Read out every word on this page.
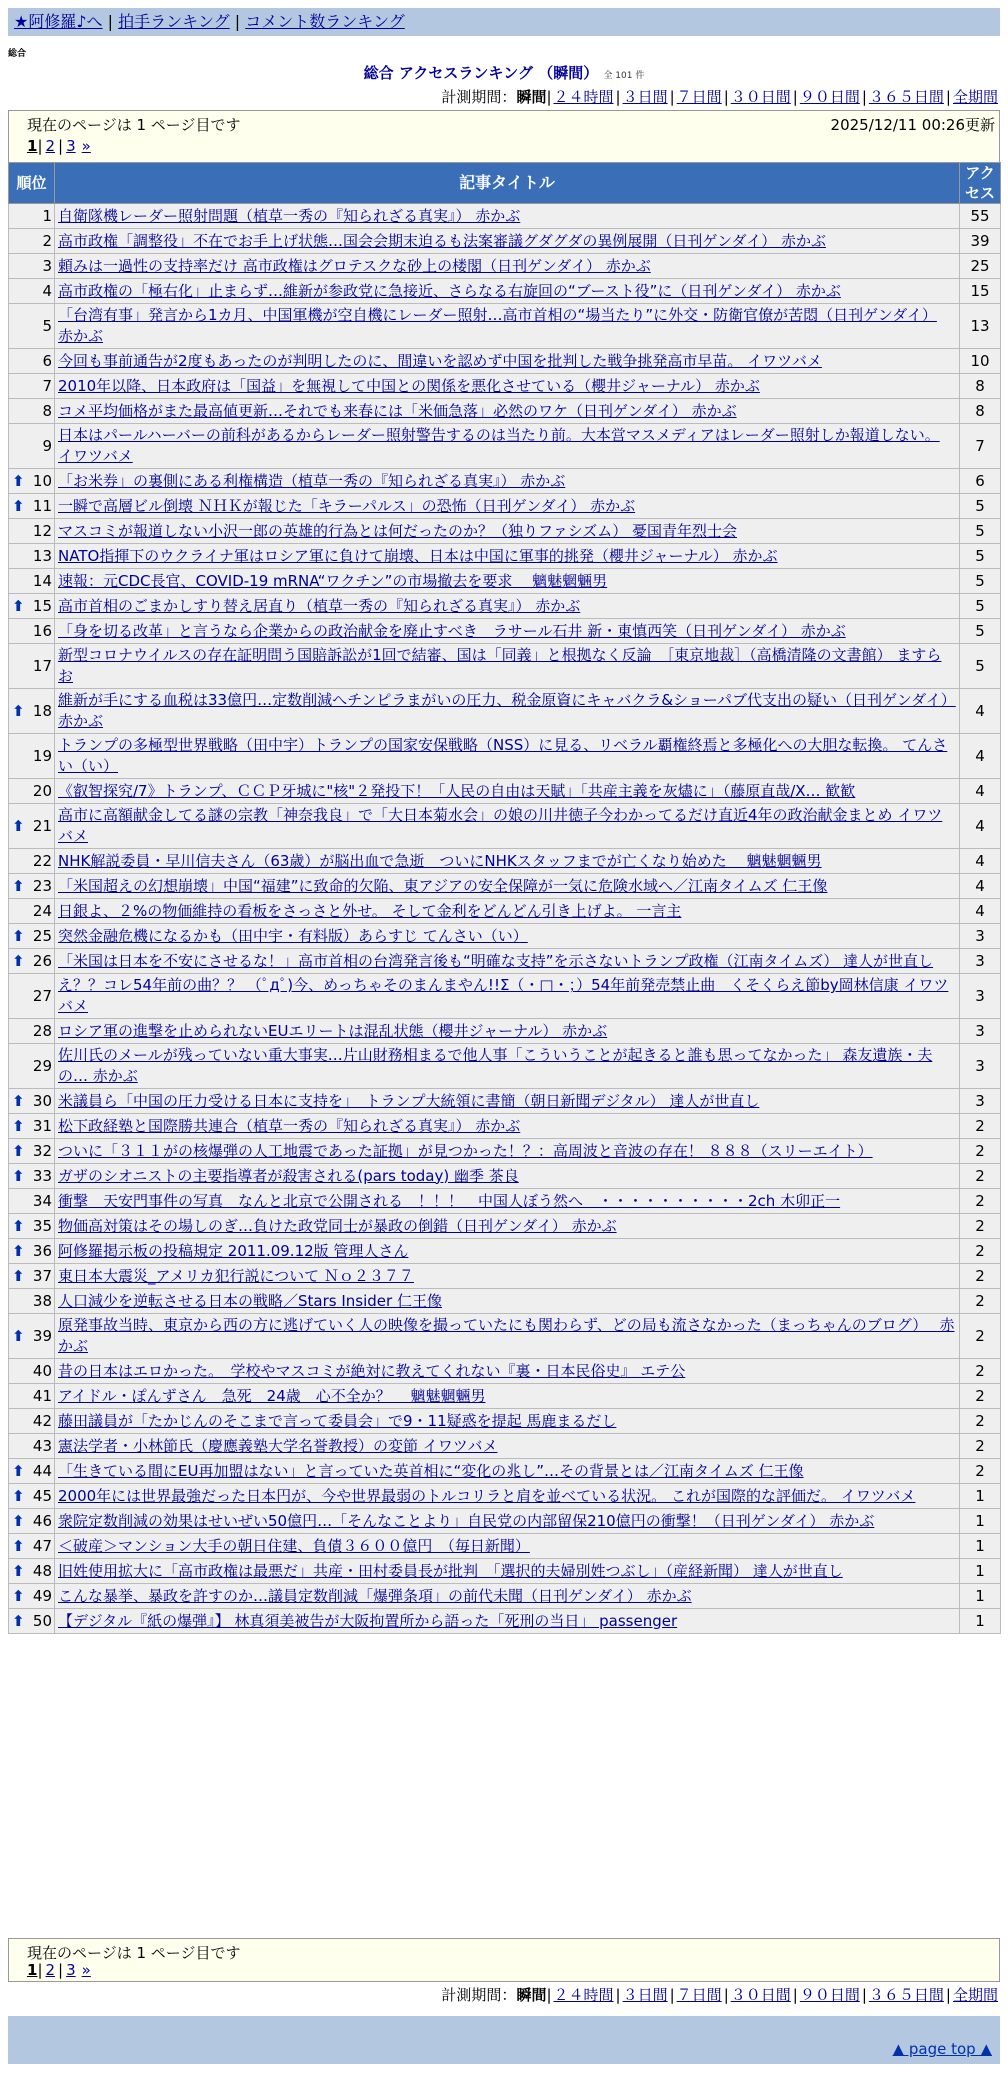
★阿修羅♪へ | 拍手ランキング | コメント数ランキング
総合
総合 アクセスランキング （瞬間） 全 101 件
計測期間：瞬間| ２４時間 | ３日間 | ７日間 | ３０日間 | ９０日間 | ３６５日間 | 全期間
現在のページは 1 ページ目です	2025/12/11 00:26更新
1| 2 | 3 »
順位	記事タイトル	アクセス
1	自衛隊機レーダー照射問題（植草一秀の『知られざる真実』） 赤かぶ	55
2	高市政権「調整役」不在でお手上げ状態…国会会期末迫るも法案審議グダグダの異例展開（日刊ゲンダイ） 赤かぶ	39
3	頼みは一過性の支持率だけ 高市政権はグロテスクな砂上の楼閣（日刊ゲンダイ） 赤かぶ	25
4	高市政権の「極右化」止まらず…維新が参政党に急接近、さらなる右旋回の“ブースト役”に（日刊ゲンダイ） 赤かぶ	15
5	「台湾有事」発言から1カ月、中国軍機が空自機にレーダー照射…高市首相の“場当たり”に外交・防衛官僚が苦悶（日刊ゲンダイ） 赤かぶ	13
6	今回も事前通告が2度もあったのが判明したのに、間違いを認めず中国を批判した戦争挑発高市早苗。 イワツバメ	10
7	2010年以降、日本政府は「国益」を無視して中国との関係を悪化させている（櫻井ジャーナル） 赤かぶ	8
8	コメ平均価格がまた最高値更新…それでも来春には「米価急落」必然のワケ（日刊ゲンダイ） 赤かぶ	8
9	日本はパールハーバーの前科があるからレーダー照射警告するのは当たり前。大本営マスメディアはレーダー照射しか報道しない。 イワツバメ	7

⬆ 10	「お米券」の裏側にある利権構造（植草一秀の『知られざる真実』） 赤かぶ	6

⬆ 11	一瞬で高層ビル倒壊 ＮＨＫが報じた「キラーパルス」の恐怖（日刊ゲンダイ） 赤かぶ	5
12	マスコミが報道しない小沢一郎の英雄的行為とは何だったのか？（独りファシズム） 憂国青年烈士会	5
13	NATO指揮下のウクライナ軍はロシア軍に負けて崩壊、日本は中国に軍事的挑発（櫻井ジャーナル） 赤かぶ	5
14	速報：元CDC長官、COVID-19 mRNA“ワクチン”の市場撤去を要求　 魑魅魍魎男	5

⬆ 15	高市首相のごまかしすり替え居直り（植草一秀の『知られざる真実』） 赤かぶ	5
16	「身を切る改革」と言うなら企業からの政治献金を廃止すべき　ラサール石井 新・東慎西笑（日刊ゲンダイ） 赤かぶ	5
17	新型コロナウイルスの存在証明問う国賠訴訟が1回で結審、国は「同義」と根拠なく反論　［東京地裁］（高橋清隆の文書館） ますらお	5

⬆ 18	維新が手にする血税は33億円…定数削減へチンピラまがいの圧力、税金原資にキャバクラ&ショーパブ代支出の疑い（日刊ゲンダイ） 赤かぶ	4
19	トランプの多極型世界戦略（田中宇）トランプの国家安保戦略（NSS）に見る、リベラル覇権終焉と多極化への大胆な転換。 てんさい（い）	4
20	《叡智探究/7》トランプ、ＣＣＰ牙城に"核"２発投下！「人民の自由は天賦」「共産主義を灰燼に」（藤原直哉/X… 歓歓	4

⬆ 21	高市に高額献金してる謎の宗教「神奈我良」で「大日本菊水会」の娘の川井徳子今わかってるだけ直近4年の政治献金まとめ イワツバメ	4
22	NHK解説委員・早川信夫さん（63歳）が脳出血で急逝　ついにNHKスタッフまでが亡くなり始めた　 魑魅魍魎男	4

⬆ 23	「米国超えの幻想崩壊」中国“福建”に致命的欠陥、東アジアの安全保障が一気に危険水域へ／江南タイムズ 仁王像	4
24	日銀よ、２%の物価維持の看板をさっさと外せ。 そして金利をどんどん引き上げよ。 一言主	4

⬆ 25	突然金融危機になるかも（田中宇・有料版）あらすじ てんさい（い）	3

⬆ 26	「米国は日本を不安にさせるな！」高市首相の台湾発言後も“明確な支持”を示さないトランプ政権（江南タイムズ） 達人が世直し	3
27	え？？コレ54年前の曲？？ （ﾟдﾟ)今、めっちゃそのまんまやん!!Σ（・□・；）54年前発売禁止曲　くそくらえ節by岡林信康 イワツバメ	3
28	ロシア軍の進撃を止められないEUエリートは混乱状態（櫻井ジャーナル） 赤かぶ	3
29	佐川氏のメールが残っていない重大事実…片山財務相まるで他人事「こういうことが起きると誰も思ってなかった」 森友遺族・夫の… 赤かぶ	3

⬆ 30	米議員ら「中国の圧力受ける日本に支持を」　トランプ大統領に書簡（朝日新聞デジタル） 達人が世直し	3

⬆ 31	松下政経塾と国際勝共連合（植草一秀の『知られざる真実』） 赤かぶ	2

⬆ 32	ついに「３１１がの核爆弾の人工地震であった証拠」が見つかった！？：高周波と音波の存在！ ８８８（スリーエイト）	2

⬆ 33	ガザのシオニストの主要指導者が殺害される(pars today) 幽季 茶良	2
34	衝撃　天安門事件の写真　なんと北京で公開される　！！！　中国人ぼう然へ　・・・・・・・・・・2ch 木卯正一	2

⬆ 35	物価高対策はその場しのぎ…負けた政党同士が暴政の倒錯（日刊ゲンダイ） 赤かぶ	2

⬆ 36	阿修羅掲示板の投稿規定 2011.09.12版 管理人さん	2

⬆ 37	東日本大震災_アメリカ犯行説について Ｎｏ２３７７	2
38	人口減少を逆転させる日本の戦略／Stars Insider 仁王像	2

⬆ 39	原発事故当時、東京から西の方に逃げていく人の映像を撮っていたにも関わらず、どの局も流さなかった（まっちゃんのブログ）　 赤かぶ	2
40	昔の日本はエロかった。　学校やマスコミが絶対に教えてくれない『裏・日本民俗史』 エテ公	2
41	アイドル・ぽんずさん　急死　24歳　心不全か？　 魑魅魍魎男	2
42	藤田議員が「たかじんのそこまで言って委員会」で9・11疑惑を提起 馬鹿まるだし	2
43	憲法学者・小林節氏（慶應義塾大学名誉教授）の変節 イワツバメ	2

⬆ 44	「生きている間にEU再加盟はない」と言っていた英首相に“変化の兆し”…その背景とは／江南タイムズ 仁王像	2

⬆ 45	2000年には世界最強だった日本円が、今や世界最弱のトルコリラと肩を並べている状況。 これが国際的な評価だ。 イワツバメ	1

⬆ 46	衆院定数削減の効果はせいぜい50億円…「そんなことより」自民党の内部留保210億円の衝撃！（日刊ゲンダイ） 赤かぶ	1

⬆ 47	＜破産＞マンション大手の朝日住建、負債３６００億円　（毎日新聞）	1

⬆ 48	旧姓使用拡大に「高市政権は最悪だ」共産・田村委員長が批判　「選択的夫婦別姓つぶし」（産経新聞） 達人が世直し	1

⬆ 49	こんな暴挙、暴政を許すのか…議員定数削減「爆弾条項」の前代未聞（日刊ゲンダイ） 赤かぶ	1

⬆ 50	【デジタル『紙の爆弾』】 林真須美被告が大阪拘置所から語った「死刑の当日」 passenger	1
現在のページは 1 ページ目です
1| 2 | 3 »
計測期間：瞬間| ２４時間 | ３日間 | ７日間 | ３０日間 | ９０日間 | ３６５日間 | 全期間
▲ page top ▲
